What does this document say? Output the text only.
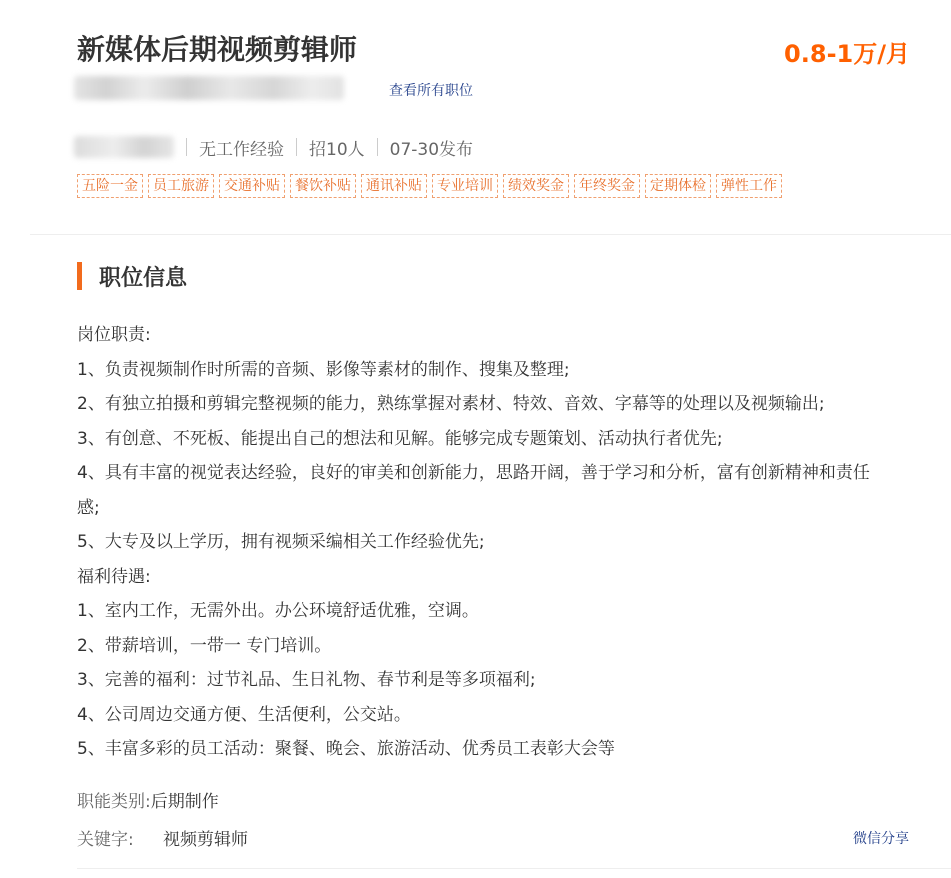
新媒体后期视频剪辑师	0.8-1万/月
查看所有职位
无工作经验 招10人 07-30发布
五险一金	员工旅游	交通补贴	餐饮补贴	通讯补贴	专业培训	绩效奖金	年终奖金	定期体检	弹性工作
职位信息

岗位职责:

1、负责视频制作时所需的音频、影像等素材的制作、搜集及整理;

2、有独立拍摄和剪辑完整视频的能力，熟练掌握对素材、特效、音效、字幕等的处理以及视频输出;

3、有创意、不死板、能提出自己的想法和见解。能够完成专题策划、活动执行者优先;

4、具有丰富的视觉表达经验，良好的审美和创新能力，思路开阔，善于学习和分析，富有创新精神和责任

感;

5、大专及以上学历，拥有视频采编相关工作经验优先;

福利待遇:

1、室内工作，无需外出。办公环境舒适优雅，空调。

2、带薪培训，一带一 专门培训。

3、完善的福利：过节礼品、生日礼物、春节利是等多项福利;

4、公司周边交通方便、生活便利，公交站。

5、丰富多彩的员工活动：聚餐、晚会、旅游活动、优秀员工表彰大会等

职能类别: 后期制作
关键字:	视频剪辑师	微信分享
